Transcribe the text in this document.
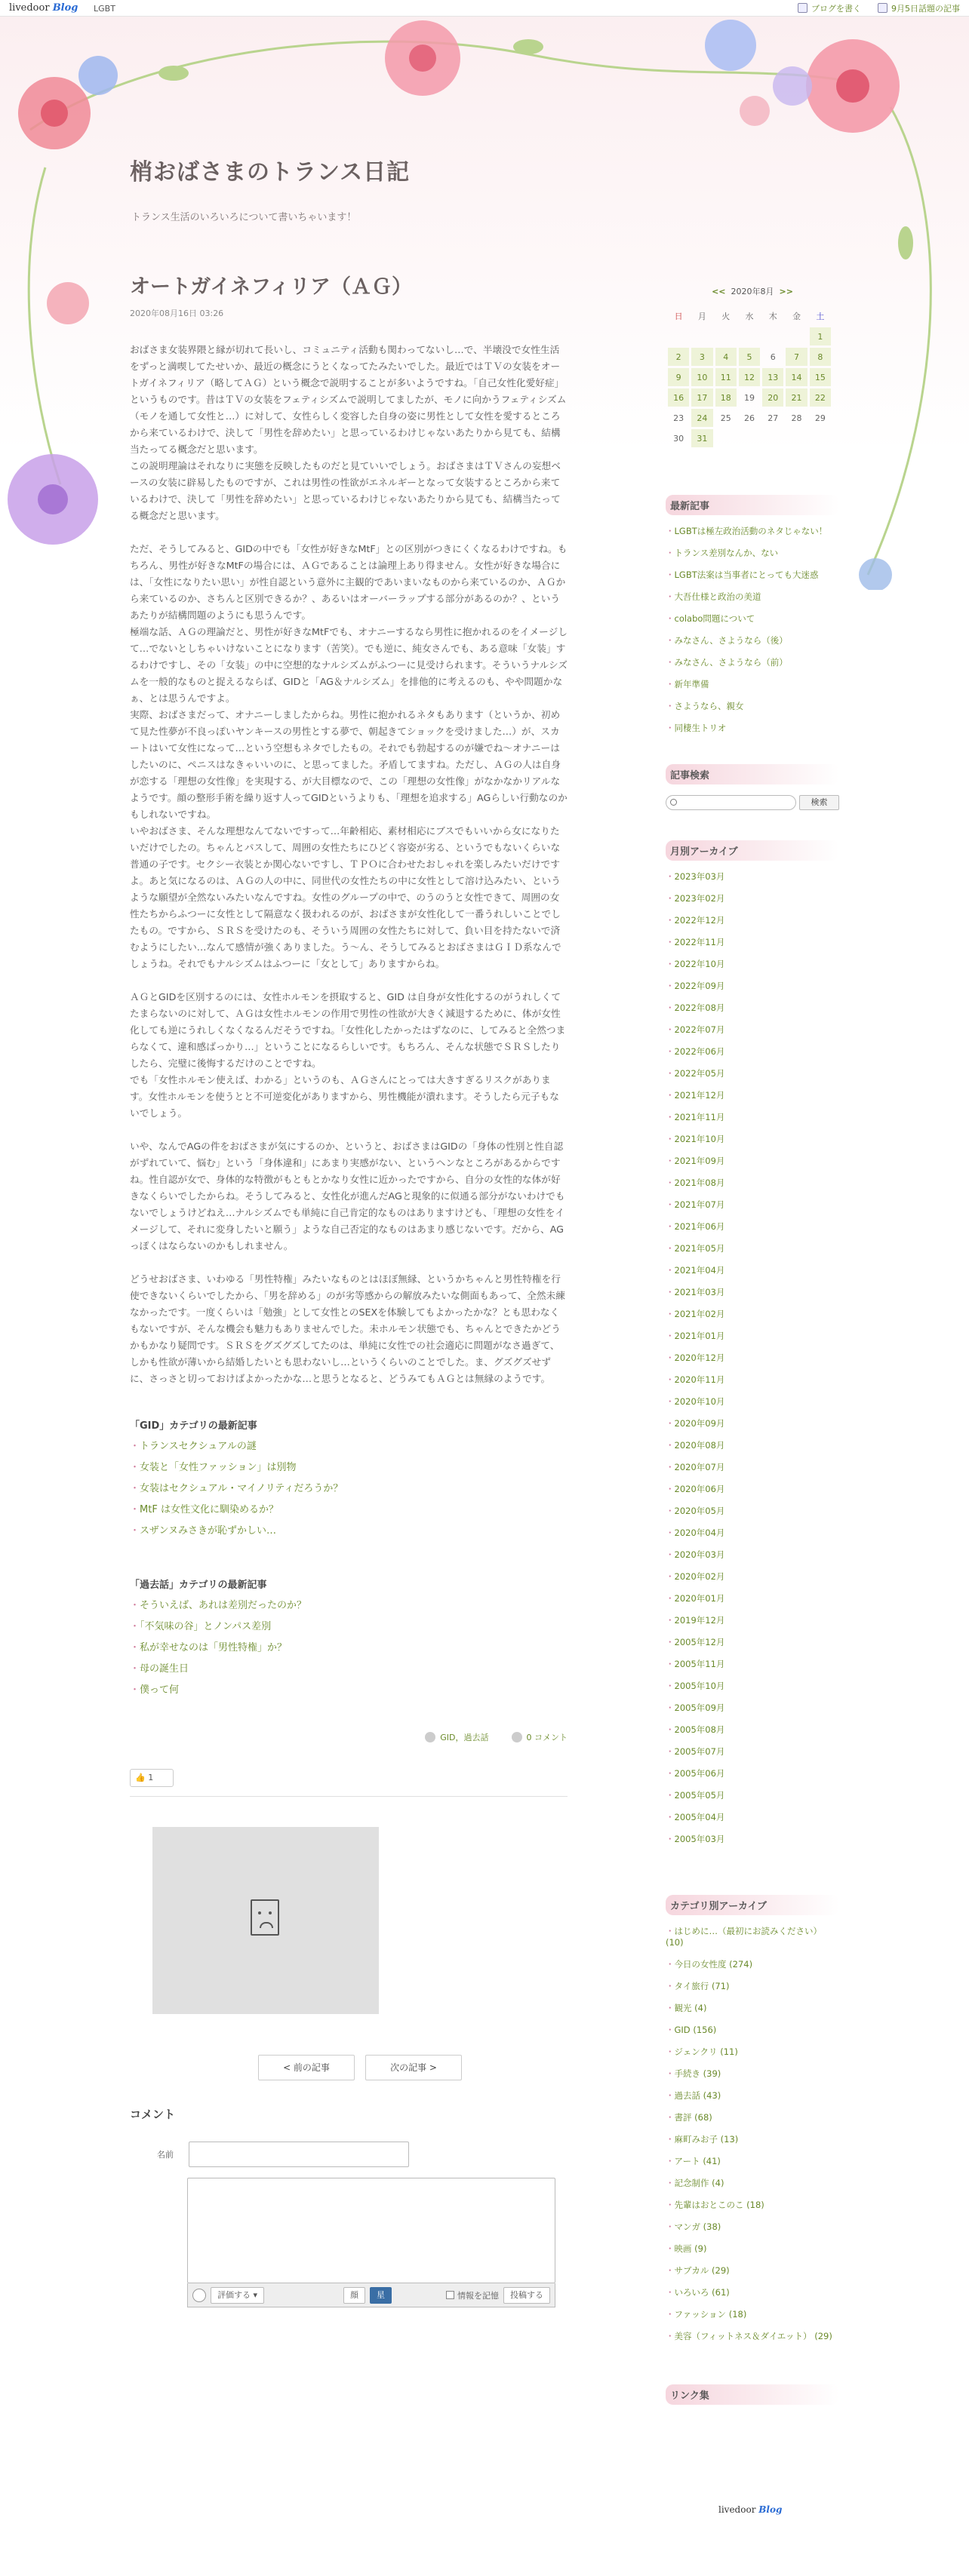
livedoor Blog LGBT	ブログを書く	9月5日話題の記事
梢おばさまのトランス日記
トランス生活のいろいろについて書いちゃいます！
オートガイネフィリア（ＡＧ）
2020年08月16日 03:26

おばさま女装界隈と縁が切れて長いし、コミュニティ活動も関わってないし…で、半壊没で女性生活をずっと満喫してたせいか、最近の概念にうとくなってたみたいでした。最近ではＴＶの女装をオートガイネフィリア（略してＡＧ）という概念で説明することが多いようですね。「自己女性化愛好症」というものです。昔はＴＶの女装をフェティシズムで説明してましたが、モノに向かうフェティシズム（モノを通して女性と…）に対して、女性らしく変容した自身の姿に男性として女性を愛するところから来ているわけで、決して「男性を辞めたい」と思っているわけじゃないあたりから見ても、結構当たってる概念だと思います。
この説明理論はそれなりに実態を反映したものだと見ていいでしょう。おばさまはＴＶさんの妄想ベースの女装に辟易したものですが、これは男性の性欲がエネルギーとなって女装するところから来ているわけで、決して「男性を辞めたい」と思っているわけじゃないあたりから見ても、結構当たってる概念だと思います。

ただ、そうしてみると、GIDの中でも「女性が好きなMtF」との区別がつきにくくなるわけですね。もちろん、男性が好きなMtFの場合には、ＡＧであることは論理上あり得ません。女性が好きな場合には、「女性になりたい思い」が性自認という意外に主観的であいまいなものから来ているのか、ＡＧから来ているのか、さちんと区別できるか？、あるいはオーバーラップする部分があるのか？、というあたりが結構問題のようにも思うんです。
極端な話、ＡＧの理論だと、男性が好きなMtFでも、オナニーするなら男性に抱かれるのをイメージして…でないとしちゃいけないことになります（苦笑）。でも逆に、純女さんでも、ある意味「女装」するわけですし、その「女装」の中に空想的なナルシズムがふつーに見受けられます。そういうナルシズムを一般的なものと捉えるならば、GIDと「AG＆ナルシズム」を排他的に考えるのも、やや問題かなぁ、とは思うんですよ。
実際、おばさまだって、オナニーしましたからね。男性に抱かれるネタもあります（というか、初めて見た性夢が不良っぽいヤンキースの男性とする夢で、朝起きてショックを受けました…）が、スカートはいて女性になって…という空想もネタでしたもの。それでも勃起するのが嫌でね～オナニーはしたいのに、ペニスはなきゃいいのに、と思ってました。矛盾してますね。ただし、ＡＧの人は自身が恋する「理想の女性像」を実現する、が大目標なので、この「理想の女性像」がなかなかリアルなようです。顔の整形手術を繰り返す人ってGIDというよりも、「理想を追求する」AGらしい行動なのかもしれないですね。
いやおばさま、そんな理想なんてないですって…年齢相応、素材相応にブスでもいいから女になりたいだけでしたの。ちゃんとパスして、周囲の女性たちにひどく容姿が劣る、というでもないくらいな普通の子です。セクシー衣装とか関心ないですし、ＴＰＯに合わせたおしゃれを楽しみたいだけですよ。あと気になるのは、ＡＧの人の中に、同世代の女性たちの中に女性として溶け込みたい、というような願望が全然ないみたいなんですね。女性のグループの中で、のうのうと女性できて、周囲の女性たちからふつーに女性として隔意なく扱われるのが、おばさまが女性化して一番うれしいことでしたもの。ですから、ＳＲＳを受けたのも、そういう周囲の女性たちに対して、負い目を持たないで済むようにしたい…なんて感情が強くありました。う～ん、そうしてみるとおばさまはＧＩＤ系なんでしょうね。それでもナルシズムはふつーに「女として」ありますからね。

ＡＧとGIDを区別するのには、女性ホルモンを摂取すると、GID は自身が女性化するのがうれしくてたまらないのに対して、ＡＧは女性ホルモンの作用で男性の性欲が大きく減退するために、体が女性化しても逆にうれしくなくなるんだそうですね。「女性化したかったはずなのに、してみると全然つまらなくて、違和感ばっかり…」ということになるらしいです。もちろん、そんな状態でＳＲＳしたりしたら、完璧に後悔するだけのことですね。
でも「女性ホルモン使えば、わかる」というのも、ＡＧさんにとっては大きすぎるリスクがあります。女性ホルモンを使うとと不可逆変化がありますから、男性機能が潰れます。そうしたら元子もないでしょう。

いや、なんでAGの件をおばさまが気にするのか、というと、おばさまはGIDの「身体の性別と性自認がずれていて、悩む」という「身体違和」にあまり実感がない、というヘンなところがあるからですね。性自認が女で、身体的な特徴がもともとかなり女性に近かったですから、自分の女性的な体が好きなくらいでしたからね。そうしてみると、女性化が進んだAGと現象的に似通る部分がないわけでもないでしょうけどねえ…ナルシズムでも単純に自己肯定的なものはありますけども、「理想の女性をイメージして、それに変身したいと願う」ような自己否定的なものはあまり感じないです。だから、AGっぽくはならないのかもしれません。

どうせおばさま、いわゆる「男性特権」みたいなものとはほぼ無縁、というかちゃんと男性特権を行使できないくらいでしたから、「男を辞める」のが劣等感からの解放みたいな側面もあって、全然未練なかったです。一度くらいは「勉強」として女性とのSEXを体験してもよかったかな？とも思わなくもないですが、そんな機会も魅力もありませんでした。未ホルモン状態でも、ちゃんとできたかどうかもかなり疑問です。ＳＲＳをグズグズしてたのは、単純に女性での社会適応に問題がなさ過ぎて、しかも性欲が薄いから結婚したいとも思わないし…というくらいのことでした。ま、グズグズせずに、さっさと切っておけばよかったかな…と思うとなると、どうみてもＡＧとは無縁のようです。

「GID」カテゴリの最新記事
・ トランスセクシュアルの謎
・ 女装と「女性ファッション」は別物
・ 女装はセクシュアル・マイノリティだろうか？
・ MtF は女性文化に馴染めるか？
・ スザンヌみさきが恥ずかしい…
「過去話」カテゴリの最新記事
・ そういえば、あれは差別だったのか？
・ 「不気味の谷」とノンパス差別
・ 私が幸せなのは「男性特権」か？
・ 母の誕生日
・ 僕って何
GID，過去話	0 コメント
👍 1
< 前の記事	次の記事 >
コメント
名前
評価する ▾	顔	星	情報を記憶	投稿する
<< 2020年8月 >>
日	月	火	水	木	金	土
						1
2	3	4	5	6	7	8
9	10	11	12	13	14	15
16	17	18	19	20	21	22
23	24	25	26	27	28	29
30	31					
最新記事
・ LGBTは極左政治活動のネタじゃない！
・ トランス差別なんか、ない
・ LGBT法案は当事者にとっても大迷惑
・ 大吾仕様と政治の美道
・ colabo問題について
・ みなさん、さようなら（後）
・ みなさん、さようなら（前）
・ 新年準備
・ さようなら、親女
・ 同棲生トリオ
記事検索
検索
月別アーカイブ
・ 2023年03月
・ 2023年02月
・ 2022年12月
・ 2022年11月
・ 2022年10月
・ 2022年09月
・ 2022年08月
・ 2022年07月
・ 2022年06月
・ 2022年05月
・ 2021年12月
・ 2021年11月
・ 2021年10月
・ 2021年09月
・ 2021年08月
・ 2021年07月
・ 2021年06月
・ 2021年05月
・ 2021年04月
・ 2021年03月
・ 2021年02月
・ 2021年01月
・ 2020年12月
・ 2020年11月
・ 2020年10月
・ 2020年09月
・ 2020年08月
・ 2020年07月
・ 2020年06月
・ 2020年05月
・ 2020年04月
・ 2020年03月
・ 2020年02月
・ 2020年01月
・ 2019年12月
・ 2005年12月
・ 2005年11月
・ 2005年10月
・ 2005年09月
・ 2005年08月
・ 2005年07月
・ 2005年06月
・ 2005年05月
・ 2005年04月
・ 2005年03月
カテゴリ別アーカイブ
・ はじめに…（最初にお読みください） (10)
・ 今日の女性度 (274)
・ タイ旅行 (71)
・ 観光 (4)
・ GID (156)
・ ジェンクリ (11)
・ 手続き (39)
・ 過去話 (43)
・ 書評 (68)
・ 麻町みお子 (13)
・ アート (41)
・ 記念制作 (4)
・ 先輩はおとこのこ (18)
・ マンガ (38)
・ 映画 (9)
・ サブカル (29)
・ いろいろ (61)
・ ファッション (18)
・ 美容（フィットネス＆ダイエット） (29)
リンク集
livedoor Blog
